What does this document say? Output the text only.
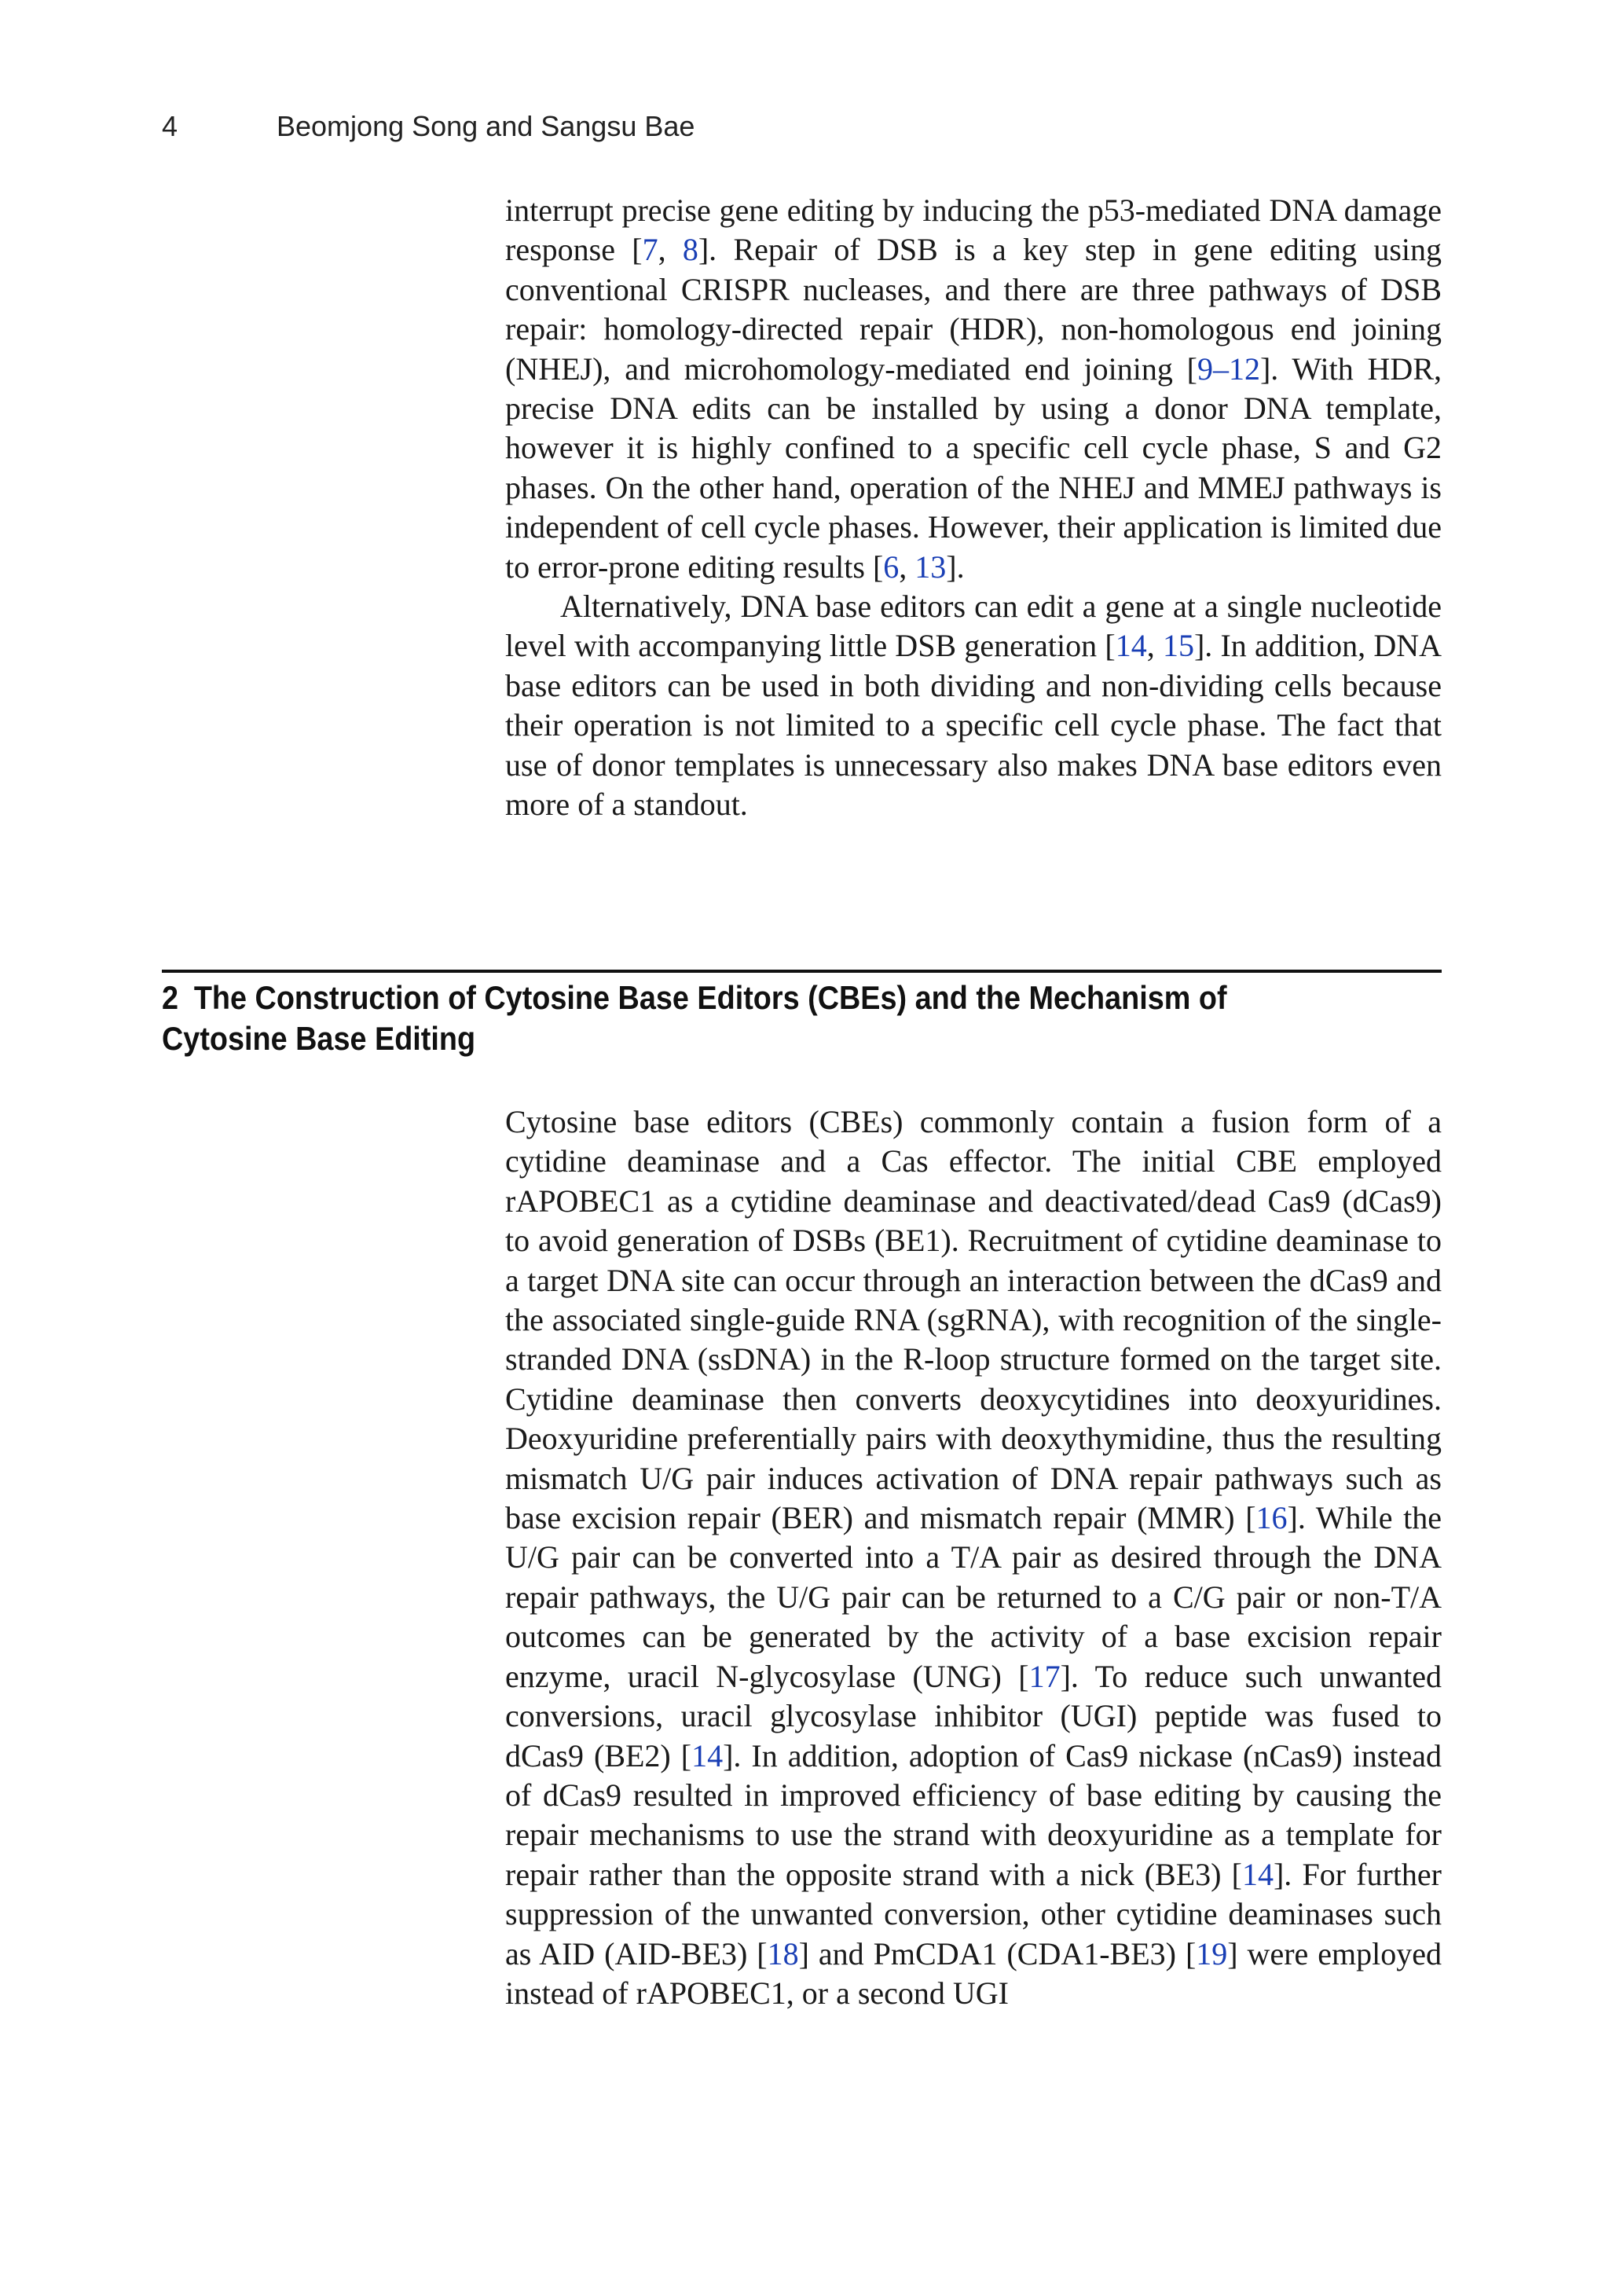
4	Beomjong Song and Sangsu Bae

interrupt precise gene editing by inducing the p53-mediated DNA damage response [7, 8]. Repair of DSB is a key step in gene editing using conventional CRISPR nucleases, and there are three pathways of DSB repair: homology-directed repair (HDR), non-homologous end joining (NHEJ), and microhomology-mediated end joining [9–12]. With HDR, precise DNA edits can be installed by using a donor DNA template, however it is highly confined to a specific cell cycle phase, S and G2 phases. On the other hand, operation of the NHEJ and MMEJ pathways is independent of cell cycle phases. However, their application is limited due to error-prone editing results [6, 13].

Alternatively, DNA base editors can edit a gene at a single nucleotide level with accompanying little DSB generation [14, 15]. In addition, DNA base editors can be used in both dividing and non-dividing cells because their operation is not limited to a specific cell cycle phase. The fact that use of donor templates is unnecessary also makes DNA base editors even more of a standout.

2 The Construction of Cytosine Base Editors (CBEs) and the Mechanism of Cytosine Base Editing

Cytosine base editors (CBEs) commonly contain a fusion form of a cytidine deaminase and a Cas effector. The initial CBE employed rAPOBEC1 as a cytidine deaminase and deactivated/dead Cas9 (dCas9) to avoid generation of DSBs (BE1). Recruitment of cytidine deaminase to a target DNA site can occur through an interaction between the dCas9 and the associated single-guide RNA (sgRNA), with recognition of the single-stranded DNA (ssDNA) in the R-loop structure formed on the target site. Cytidine deaminase then converts deoxycytidines into deoxyuridines. Deoxyuridine preferentially pairs with deoxythymidine, thus the resulting mismatch U/G pair induces activation of DNA repair pathways such as base excision repair (BER) and mismatch repair (MMR) [16]. While the U/G pair can be converted into a T/A pair as desired through the DNA repair pathways, the U/G pair can be returned to a C/G pair or non-T/A outcomes can be generated by the activity of a base excision repair enzyme, uracil N-glycosylase (UNG) [17]. To reduce such unwanted conversions, uracil glycosylase inhibitor (UGI) peptide was fused to dCas9 (BE2) [14]. In addition, adoption of Cas9 nickase (nCas9) instead of dCas9 resulted in improved efficiency of base editing by causing the repair mechanisms to use the strand with deoxyuridine as a template for repair rather than the opposite strand with a nick (BE3) [14]. For further suppression of the unwanted conversion, other cytidine deaminases such as AID (AID-BE3) [18] and PmCDA1 (CDA1-BE3) [19] were employed instead of rAPOBEC1, or a second UGI
